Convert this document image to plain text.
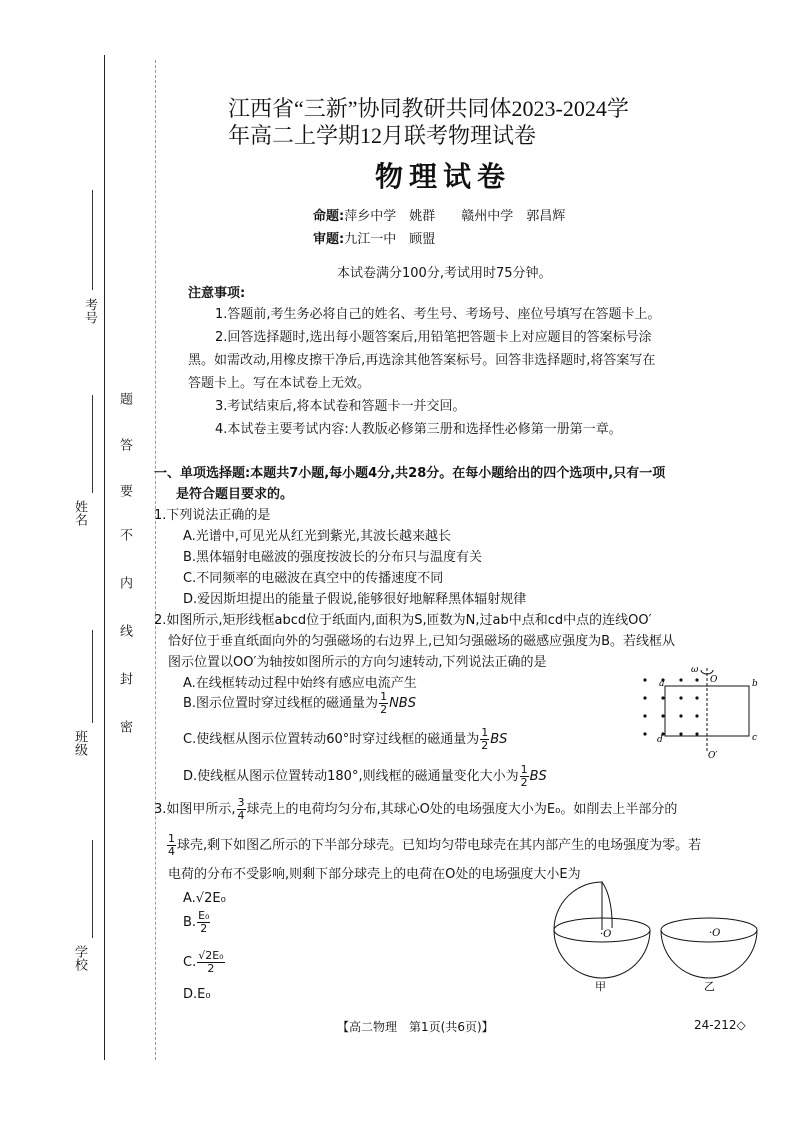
考号
姓名
班级
学校
密
封
线
内
不
要
答
题
江西省“三新”协同教研共同体2023-2024学
年高二上学期12月联考物理试卷
物理试卷
命题:萍乡中学　姚群　　 赣州中学　郭昌辉
审题:九江一中　顾盟
本试卷满分100分,考试用时75分钟。
注意事项:
1.答题前,考生务必将自己的姓名、考生号、考场号、座位号填写在答题卡上。
2.回答选择题时,选出每小题答案后,用铅笔把答题卡上对应题目的答案标号涂
黑。如需改动,用橡皮擦干净后,再选涂其他答案标号。回答非选择题时,将答案写在
答题卡上。写在本试卷上无效。
3.考试结束后,将本试卷和答题卡一并交回。
4.本试卷主要考试内容:人教版必修第三册和选择性必修第一册第一章。
一、单项选择题:本题共7小题,每小题4分,共28分。在每小题给出的四个选项中,只有一项
是符合题目要求的。
1.下列说法正确的是
A.光谱中,可见光从红光到紫光,其波长越来越长
B.黑体辐射电磁波的强度按波长的分布只与温度有关
C.不同频率的电磁波在真空中的传播速度不同
D.爱因斯坦提出的能量子假说,能够很好地解释黑体辐射规律
2.如图所示,矩形线框abcd位于纸面内,面积为S,匝数为N,过ab中点和cd中点的连线OO′
恰好位于垂直纸面向外的匀强磁场的右边界上,已知匀强磁场的磁感应强度为B。若线框从
图示位置以OO′为轴按如图所示的方向匀速转动,下列说法正确的是
A.在线框转动过程中始终有感应电流产生
B.图示位置时穿过线框的磁通量为 $\frac{1}{2}$ NBS
C.使线框从图示位置转动60°时穿过线框的磁通量为 $\frac{1}{2}$ BS
D.使线框从图示位置转动180°,则线框的磁通量变化大小为 $\frac{1}{2}$ BS
ω
O
O′
a	b
c
d
3.如图甲所示, $\frac{3}{4}$ 球壳上的电荷均匀分布,其球心O处的电场强度大小为E₀。如削去上半部分的
$\frac{1}{4}$ 球壳,剩下如图乙所示的下半部分球壳。已知均匀带电球壳在其内部产生的电场强度为零。若
电荷的分布不受影响,则剩下部分球壳上的电荷在O处的电场强度大小E为
A.√2E₀
B. $\frac{\text{E₀}}{2}$
C. $\frac{\text{√2E₀}}{2}$
D.E₀
·O
甲
·O
乙
【高二物理　第1页(共6页)】	24-212◇
